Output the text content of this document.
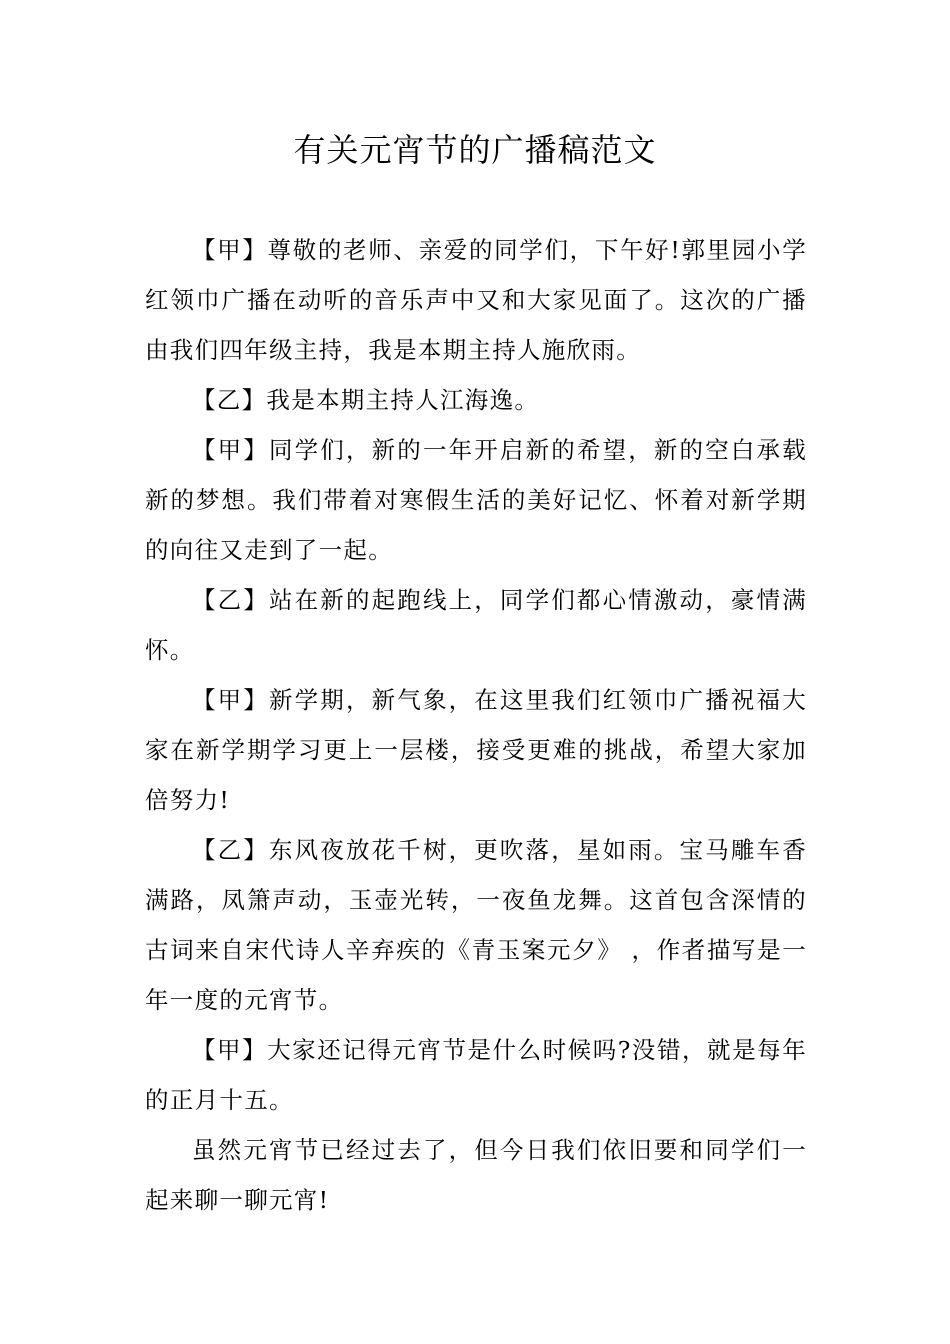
有关元宵节的广播稿范文

【甲】尊敬的老师、亲爱的同学们，下午好!郭里园小学红领巾广播在动听的音乐声中又和大家见面了。这次的广播由我们四年级主持，我是本期主持人施欣雨。

【乙】我是本期主持人江海逸。

【甲】同学们，新的一年开启新的希望，新的空白承载新的梦想。我们带着对寒假生活的美好记忆、怀着对新学期的向往又走到了一起。

【乙】站在新的起跑线上，同学们都心情激动，豪情满怀。

【甲】新学期，新气象，在这里我们红领巾广播祝福大家在新学期学习更上一层楼，接受更难的挑战，希望大家加倍努力!

【乙】东风夜放花千树，更吹落，星如雨。宝马雕车香满路，凤箫声动，玉壶光转，一夜鱼龙舞。这首包含深情的古词来自宋代诗人辛弃疾的《青玉案元夕》 ，作者描写是一年一度的元宵节。

【甲】大家还记得元宵节是什么时候吗?没错，就是每年的正月十五。

虽然元宵节已经过去了，但今日我们依旧要和同学们一起来聊一聊元宵!
